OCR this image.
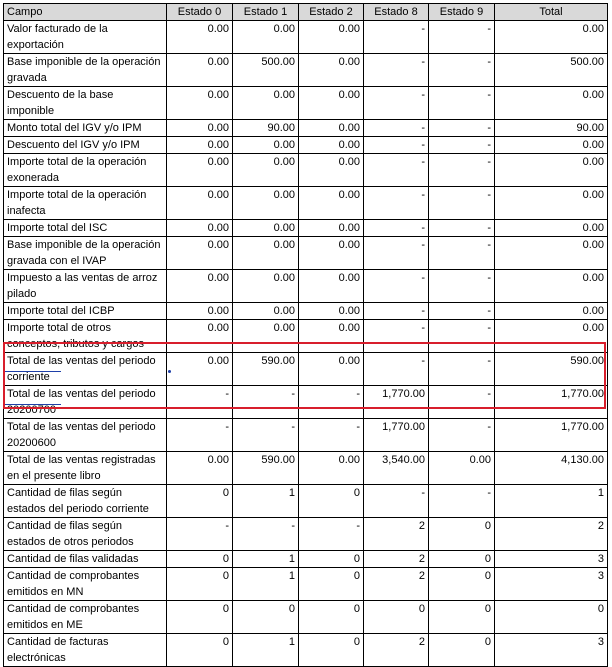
Campo	Estado 0	Estado 1	Estado 2	Estado 8	Estado 9	Total
Valor facturado de la exportación	0.00	0.00	0.00	-	-	0.00
Base imponible de la operación gravada	0.00	500.00	0.00	-	-	500.00
Descuento de la base imponible	0.00	0.00	0.00	-	-	0.00
Monto total del IGV y/o IPM	0.00	90.00	0.00	-	-	90.00
Descuento del IGV y/o IPM	0.00	0.00	0.00	-	-	0.00
Importe total de la operación exonerada	0.00	0.00	0.00	-	-	0.00
Importe total de la operación inafecta	0.00	0.00	0.00	-	-	0.00
Importe total del ISC	0.00	0.00	0.00	-	-	0.00
Base imponible de la operación gravada con el IVAP	0.00	0.00	0.00	-	-	0.00
Impuesto a las ventas de arroz pilado	0.00	0.00	0.00	-	-	0.00
Importe total del ICBP	0.00	0.00	0.00	-	-	0.00
Importe total de otros conceptos, tributos y cargos	0.00	0.00	0.00	-	-	0.00
Total de las ventas del periodo corriente	0.00	590.00	0.00	-	-	590.00
Total de las ventas del periodo 20200700	-	-	-	1,770.00	-	1,770.00
Total de las ventas del periodo 20200600	-	-	-	1,770.00	-	1,770.00
Total de las ventas registradas en el presente libro	0.00	590.00	0.00	3,540.00	0.00	4,130.00
Cantidad de filas según estados del periodo corriente	0	1	0	-	-	1
Cantidad de filas según estados de otros periodos	-	-	-	2	0	2
Cantidad de filas validadas	0	1	0	2	0	3
Cantidad de comprobantes emitidos en MN	0	1	0	2	0	3
Cantidad de comprobantes emitidos en ME	0	0	0	0	0	0
Cantidad de facturas electrónicas	0	1	0	2	0	3
